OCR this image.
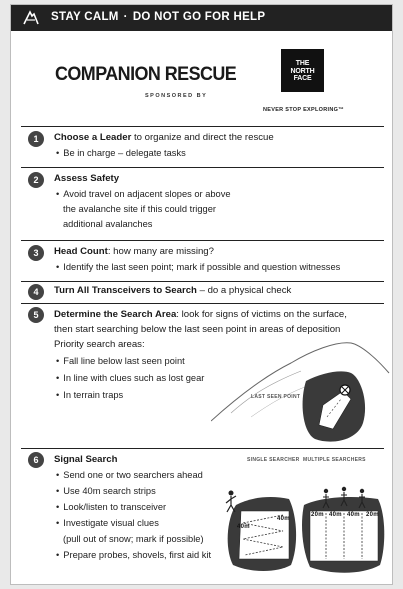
STAY CALM · DO NOT GO FOR HELP
COMPANION RESCUE
SPONSORED BY
THE
NORTH
FACE
NEVER STOP EXPLORING™
1	Choose a Leader to organize and direct the rescue
• Be in charge – delegate tasks
2	Assess Safety
• Avoid travel on adjacent slopes or above
the avalanche site if this could trigger
additional avalanches
3	Head Count: how many are missing?
• Identify the last seen point; mark if possible and question witnesses
4	Turn All Transceivers to Search – do a physical check
5	Determine the Search Area: look for signs of victims on the surface,
then start searching below the last seen point in areas of deposition
Priority search areas:
• Fall line below last seen point
• In line with clues such as lost gear
• In terrain traps	LAST SEEN POINT
6	Signal Search
• Send one or two searchers ahead
• Use 40m search strips
• Look/listen to transceiver
• Investigate visual clues
(pull out of snow; mark if possible)
• Prepare probes, shovels, first aid kit
SINGLE SEARCHER MULTIPLE SEARCHERS
40m
40m
20m 40m 40m 20m
